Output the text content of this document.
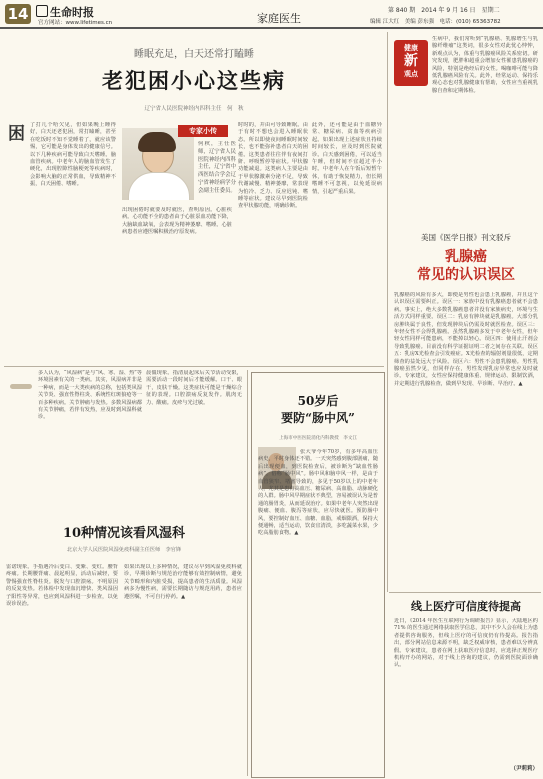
14	生命时报
官方网站：www.lifetimes.cn
第 840 期　 2014 年 9 月 16 日　 星期二
家庭医生	编辑 江大红　 美编 彭东强　 电话：(010) 65363782
睡眠充足，白天还常打瞌睡
老犯困小心这些病
辽宁省人民医院神经内四科主任　何　秋
困 了打几个哈欠见，但如果晚上睡得好，白天还老犯困，常打瞌睡，甚至在吃饭时不知不觉睡着了，就应该警惕，它可能是身体发出的健康信号。以下几种疾病可能导致白天嗜睡。脑血管疾病。中老年人的脑血管发生了硬化，出现腔隙性脑梗死等疾病时，会影响大脑的正常供血，导致精神不振，白天困倦、嗜睡。
专家小传
何秋，主任医师，辽宁省人民医院神经内四科主任，辽宁省中西医结合学会辽宁省神经病学分会副主任委员。
出现困倦时就要及时就医，查明原因。心脏疾病。心功能不全的患者由于心脏泵血功能下降，大脑缺血缺氧，会表现为精神萎靡、嗜睡。心脏病患者应遵医嘱积极治疗原发病。
时时的，并由可导致睡眠。由于有时不想也会进入睡眠状态。所以即使夜间睡眠时间较长，也不能弥补患者白天的困倦。这类患者往往伴有夜间打鼾、呼吸暂停等症状。甲状腺功能减退。这类病人主要是由于甲状腺激素分泌不足，导致代谢减慢、精神萎靡，常表现为怕冷、乏力、反应迟钝、嗜睡等症状。建议尽早到医院检查甲状腺功能，明确诊断。
此外，还可能是由于血糖异常、糖尿病、贫血等疾病引起。如果出现上述症状且持续时间较长，应及时到医院就诊。白天感到困倦，可以适当午睡，但时间不宜超过半小时。中老年人在午饭后短暂午休，有助于恢复精力，但长期嗜睡不可忽视，以免延误病情，引起严重后果。
健康
新
观点
生病中，我们常听到“乳腺癌、乳腺增生与乳腺纤维瘤”这类词，很多女性对此忧心忡忡，新观点认为，体重与乳腺癌风险关系密切。研究发现，肥胖和超重会增加女性罹患乳腺癌的风险，特别是绝经后的女性。喝咖啡可能与降低乳腺癌风险有关。此外，经常运动、保持乐观心态也对乳腺健康有帮助，女性应当重视乳腺自查和定期体检。
美国《医学日报》刊文驳斥
乳腺癌
常见的认识误区
乳腺癌的风险有多大，即便是男性也会患上乳腺癌，并且这个认识误区需要纠正。误区一：家族中没有乳腺癌患者就不会患病。事实上，绝大多数乳腺癌患者并没有家族病史，环境与生活方式同样重要。误区二：乳房有肿块就是乳腺癌。大部分乳房肿块属于良性，但发现肿块后仍需及时就医检查。误区三：年轻女性不会得乳腺癌。虽然乳腺癌多发于中老年女性，但年轻女性同样可能患病，不能掉以轻心。误区四：使用止汗剂会导致乳腺癌。目前没有科学证据证明二者之间存在关联。误区五：乳房X光检查会引发癌症。X光检查的辐射剂量很低，定期筛查的益处远大于风险。误区六：男性不会患乳腺癌。男性乳腺癌虽然少见，但同样存在，男性发现乳房异常也应及时就诊。专家建议，女性应保持健康体重、规律运动、限制饮酒，并定期进行乳腺检查，做到早发现、早诊断、早治疗。▲
多人认为，“风湿病”是与“风、寒、湿、热”等环境因素有关的一类病。其实，风湿病并非是一种病，而是一大类疾病的总称，包括类风湿关节炎、强直性脊柱炎、系统性红斑狼疮等一百多种疾病。关节肿痛与发热。多数风湿病都有关节肿痛，若伴有发热，应及时到风湿科就诊。
晨僵现象。指清晨起床后关节活动受限，需要活动一段时间后才能缓解。口干、眼干，皮肤干燥。这类症状可能是干燥综合征的表现。口腔溃疡反复发作。肌肉无力、酸痛。皮疹与光过敏。
10种情况该看风湿科
北京大学人民医院风湿免疫科副主任医师　李官锋
雷诺现象。手指遇冷后变白、变紫、变红。腰背疼痛。长期腰背痛、晨起明显，活动后减轻，要警惕强直性脊柱炎。脱发与口腔溃疡。不明原因的反复发热。若体检中发现血沉增快、类风湿因子阳性等异常，也应到风湿科进一步检查，以免误诊误治。
如果出现以上多种情况，建议尽早到风湿免疫科就诊，早期诊断与规范治疗能够有效控制病情，避免关节畸形和内脏受损，提高患者的生活质量。风湿病多为慢性病，需要长期随访与规范用药，患者应遵医嘱，不可自行停药。▲
50岁后
要防“肠中风”
上海市中医医院消化内科教授　李文江
张大爷今年70岁，有多年高血压病史，平时身体还不错。一天突然感到腹部剧痛，随后出现便血，到医院检查后，被诊断为“缺血性肠病”，俗称“肠中风”。肠中风和脑中风一样，是由于血管狭窄、堵塞导致的，多见于50岁以上的中老年人，尤其是患有高血压、糖尿病、高血脂、动脉硬化的人群。肠中风早期症状不典型，容易被误认为是普通的肠胃炎，从而延误治疗。如果中老年人突然出现腹痛、便血、腹泻等症状，应尽快就医。预防肠中风，要控制好血压、血糖、血脂，戒烟限酒，保持大便通畅，适当运动，饮食宜清淡，多吃蔬菜水果，少吃高脂肪食物。▲
线上医疗可信度待提高
近日，《2014 年医生互联网行为调研报告》显示，大陆地区约 71% 的医生通过网络获取医学信息，其中不少人会在线上为患者提供咨询服务，但线上医疗的可信度仍有待提高。报告指出，部分网站信息来源不明，缺乏权威审核，患者难以分辨真假。专家建议，患者在网上获取医疗信息时，应选择正规医疗机构开办的网站，对于线上咨询的建议，仍需到医院面诊确认。
（尹莉莉）
